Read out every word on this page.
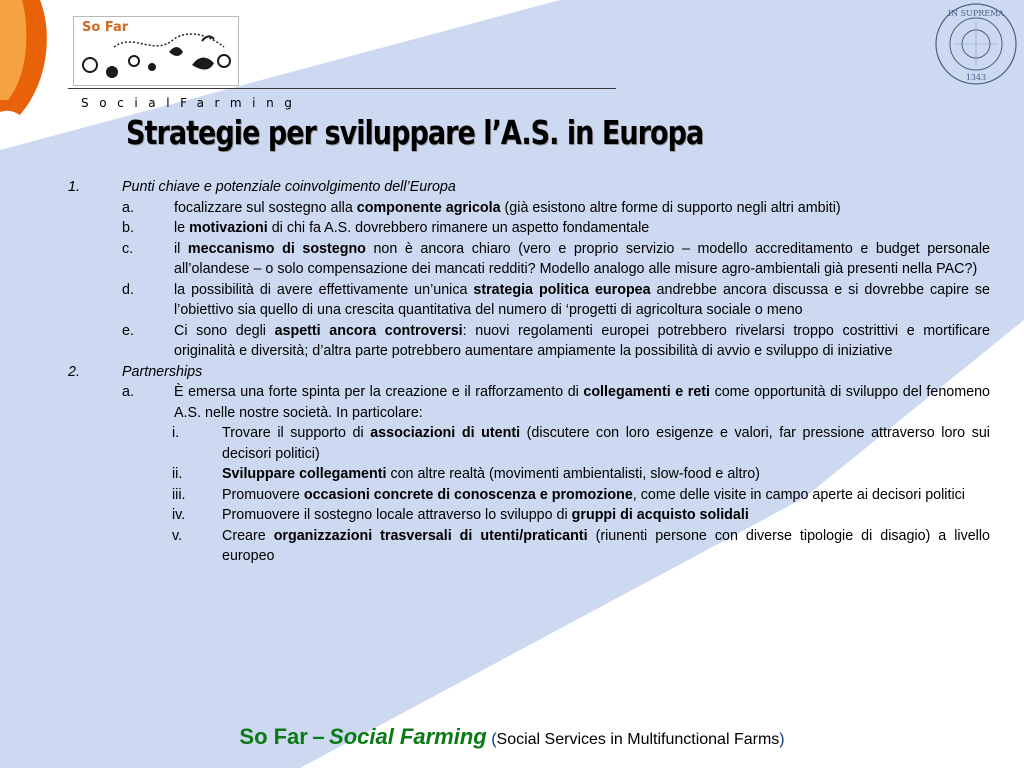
So Far
SocialFarming
IN SUPREMA
1343
Strategie per sviluppare l’A.S. in Europa
1.	Punti chiave e potenziale coinvolgimento dell’Europa
a.	focalizzare sul sostegno alla componente agricola (già esistono altre forme di supporto negli altri ambiti)
b.	le motivazioni di chi fa A.S. dovrebbero rimanere un aspetto fondamentale
c.	il meccanismo di sostegno non è ancora chiaro (vero e proprio servizio – modello accreditamento e budget personale all’olandese – o solo compensazione dei mancati redditi? Modello analogo alle misure agro-ambientali già presenti nella PAC?)
d.	la possibilità di avere effettivamente un’unica strategia politica europea andrebbe ancora discussa e si dovrebbe capire se l’obiettivo sia quello di una crescita quantitativa del numero di ‘progetti di agricoltura sociale o meno
e.	Ci sono degli aspetti ancora controversi: nuovi regolamenti europei potrebbero rivelarsi troppo costrittivi e mortificare originalità e diversità; d’altra parte potrebbero aumentare ampiamente la possibilità di avvio e sviluppo di iniziative
2.	Partnerships
a.	È emersa una forte spinta per la creazione e il rafforzamento di collegamenti e reti come opportunità di sviluppo del fenomeno A.S. nelle nostre società. In particolare:
i.	Trovare il supporto di associazioni di utenti (discutere con loro esigenze e valori, far pressione attraverso loro sui decisori politici)
ii.	Sviluppare collegamenti con altre realtà (movimenti ambientalisti, slow-food e altro)
iii.	Promuovere occasioni concrete di conoscenza e promozione, come delle visite in campo aperte ai decisori politici
iv.	Promuovere il sostegno locale attraverso lo sviluppo di gruppi di acquisto solidali
v.	Creare organizzazioni trasversali di utenti/praticanti (riunenti persone con diverse tipologie di disagio) a livello europeo
So Far – Social Farming (Social Services in Multifunctional Farms)
